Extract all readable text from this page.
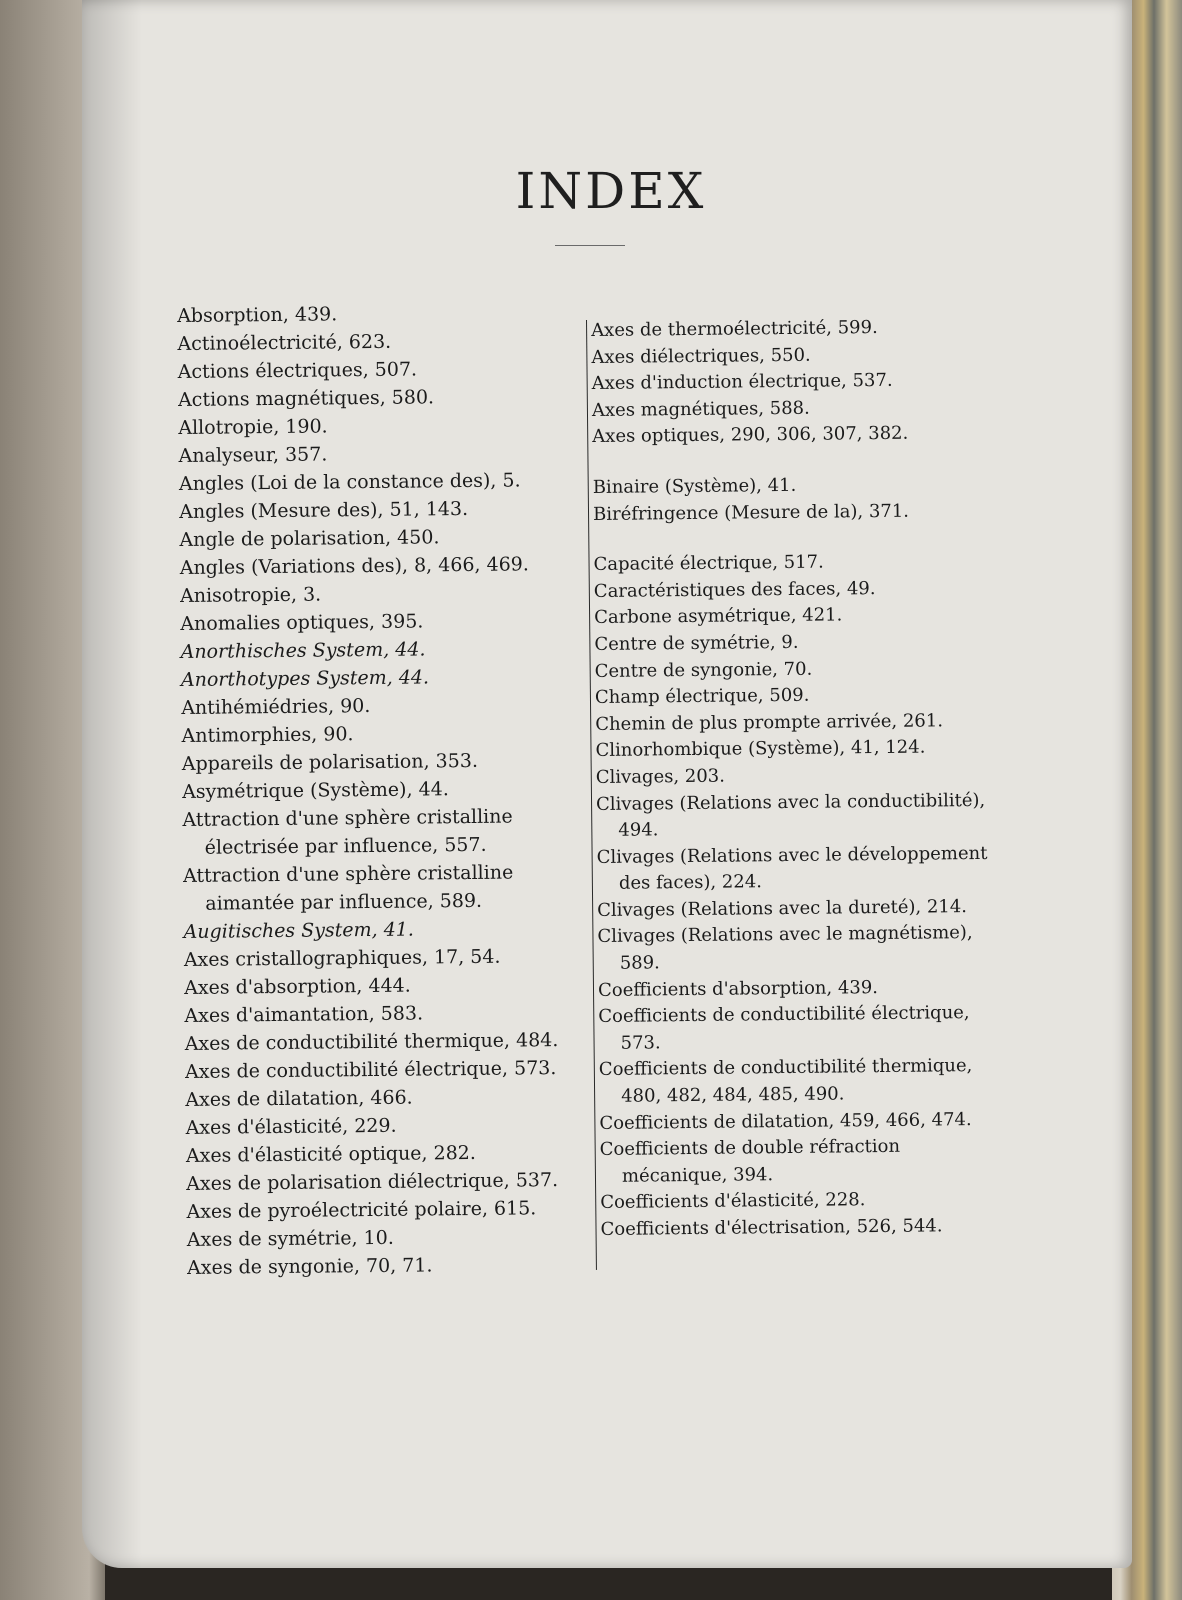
INDEX
Absorption, 439.
Actinoélectricité, 623.
Actions électriques, 507.
Actions magnétiques, 580.
Allotropie, 190.
Analyseur, 357.
Angles (Loi de la constance des), 5.
Angles (Mesure des), 51, 143.
Angle de polarisation, 450.
Angles (Variations des), 8, 466, 469.
Anisotropie, 3.
Anomalies optiques, 395.
Anorthisches System, 44.
Anorthotypes System, 44.
Antihémiédries, 90.
Antimorphies, 90.
Appareils de polarisation, 353.
Asymétrique (Système), 44.
Attraction d'une sphère cristalline électrisée par influence, 557.
Attraction d'une sphère cristalline aimantée par influence, 589.
Augitisches System, 41.
Axes cristallographiques, 17, 54.
Axes d'absorption, 444.
Axes d'aimantation, 583.
Axes de conductibilité thermique, 484.
Axes de conductibilité électrique, 573.
Axes de dilatation, 466.
Axes d'élasticité, 229.
Axes d'élasticité optique, 282.
Axes de polarisation diélectrique, 537.
Axes de pyroélectricité polaire, 615.
Axes de symétrie, 10.
Axes de syngonie, 70, 71.
Axes de thermoélectricité, 599.
Axes diélectriques, 550.
Axes d'induction électrique, 537.
Axes magnétiques, 588.
Axes optiques, 290, 306, 307, 382.
Binaire (Système), 41.
Biréfringence (Mesure de la), 371.
Capacité électrique, 517.
Caractéristiques des faces, 49.
Carbone asymétrique, 421.
Centre de symétrie, 9.
Centre de syngonie, 70.
Champ électrique, 509.
Chemin de plus prompte arrivée, 261.
Clinorhombique (Système), 41, 124.
Clivages, 203.
Clivages (Relations avec la conductibilité), 494.
Clivages (Relations avec le développement des faces), 224.
Clivages (Relations avec la dureté), 214.
Clivages (Relations avec le magnétisme), 589.
Coefficients d'absorption, 439.
Coefficients de conductibilité électrique, 573.
Coefficients de conductibilité thermique, 480, 482, 484, 485, 490.
Coefficients de dilatation, 459, 466, 474.
Coefficients de double réfraction mécanique, 394.
Coefficients d'élasticité, 228.
Coefficients d'électrisation, 526, 544.
